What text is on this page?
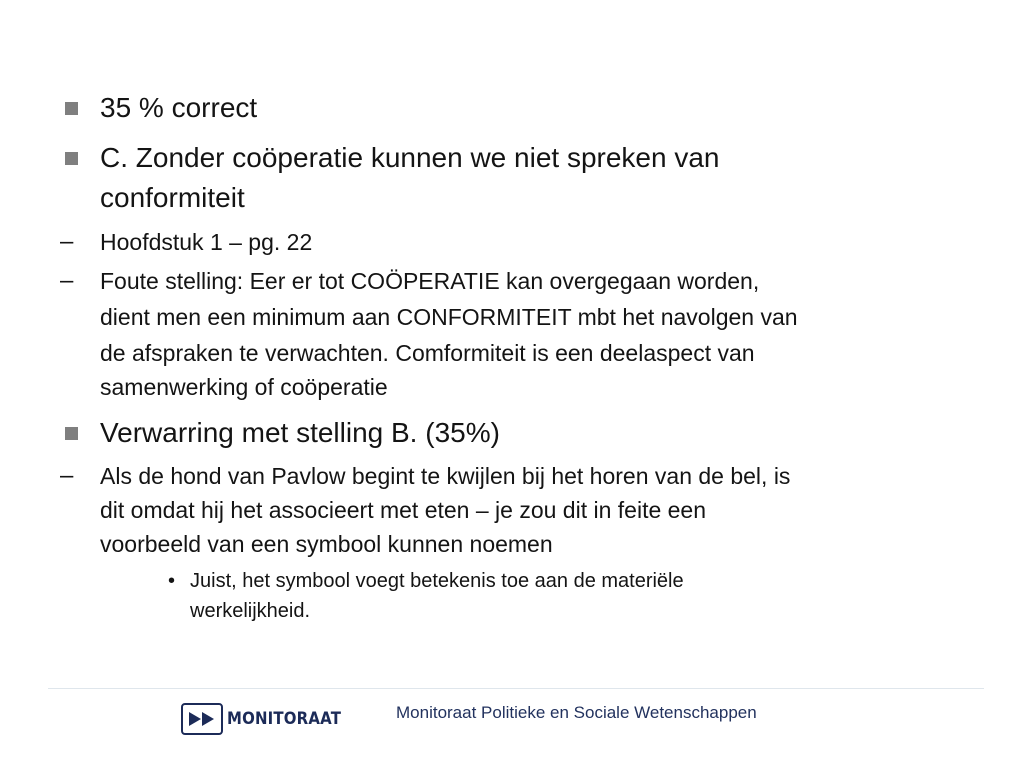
35 % correct
C. Zonder coöperatie kunnen we niet spreken van
conformiteit
– Hoofdstuk 1 – pg. 22
– Foute stelling: Eer er tot COÖPERATIE kan overgegaan worden,
dient men een minimum aan CONFORMITEIT mbt het navolgen van
de afspraken te verwachten. Comformiteit is een deelaspect van
samenwerking of coöperatie
Verwarring met stelling B. (35%)
– Als de hond van Pavlow begint te kwijlen bij het horen van de bel, is
dit omdat hij het associeert met eten – je zou dit in feite een
voorbeeld van een symbool kunnen noemen
• Juist, het symbool voegt betekenis toe aan de materiële
werkelijkheid.
MONITORAAT	Monitoraat Politieke en Sociale Wetenschappen
